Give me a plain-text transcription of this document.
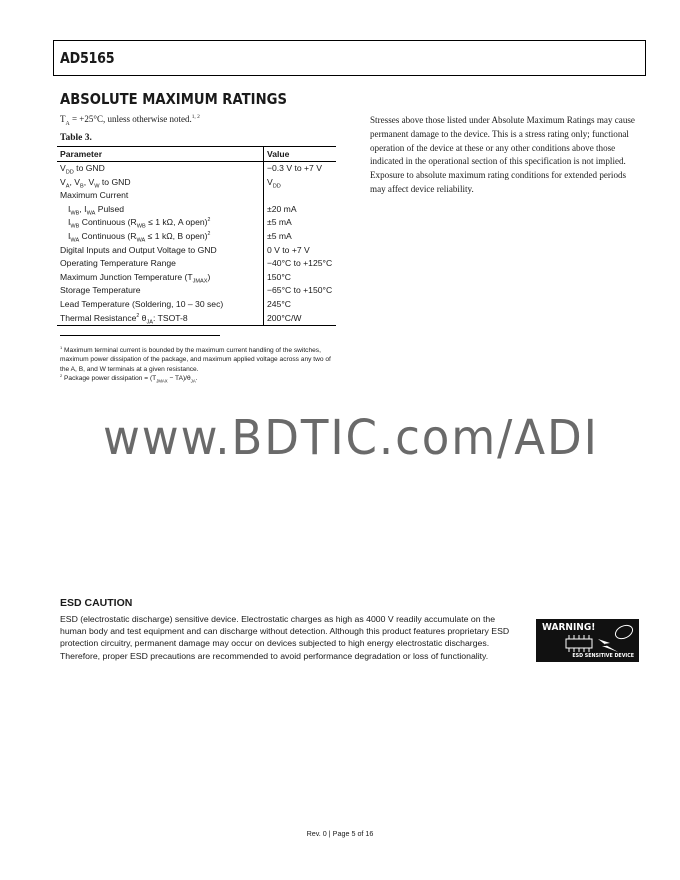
AD5165
ABSOLUTE MAXIMUM RATINGS
$T_A = +25^\circ C$, unless otherwise noted.$^{1, 2}$
Table 3.
Parameter	Value
$V_{DD}$ to GND	−0.3 V to +7 V
$V_A$, $V_B$, $V_W$ to GND	$V_{DD}$
Maximum Current	
$I_{WB}$, $I_{WA}$ Pulsed	±20 mA
$I_{WB}$ Continuous ($R_{WB} \le 1$ kΩ, A open)$^2$	±5 mA
$I_{WA}$ Continuous ($R_{WA} \le 1$ kΩ, B open)$^2$	±5 mA
Digital Inputs and Output Voltage to GND	0 V to +7 V
Operating Temperature Range	−40°C to +125°C
Maximum Junction Temperature $(T_{JMAX})$	150°C
Storage Temperature	−65°C to +150°C
Lead Temperature (Soldering, 10 – 30 sec)	245°C
Thermal Resistance$^2$ $\theta_{JA}$: TSOT-8	200°C/W

$^1$ Maximum terminal current is bounded by the maximum current handling of the switches, maximum power dissipation of the package, and maximum applied voltage across any two of the A, B, and W terminals at a given resistance.

$^2$ Package power dissipation = $(T_{JMAX} - TA)/\theta_{JA}$.

Stresses above those listed under Absolute Maximum Ratings may cause permanent damage to the device. This is a stress rating only; functional operation of the device at these or any other conditions above those indicated in the operational section of this specification is not implied. Exposure to absolute maximum rating conditions for extended periods may affect device reliability.
www.BDTIC.com/ADI
ESD CAUTION
ESD (electrostatic discharge) sensitive device. Electrostatic charges as high as 4000 V readily accumulate on the human body and test equipment and can discharge without detection. Although this product features proprietary ESD protection circuitry, permanent damage may occur on devices subjected to high energy electrostatic discharges. Therefore, proper ESD precautions are recommended to avoid performance degradation or loss of functionality.
WARNING!
ESD SENSITIVE DEVICE
Rev. 0 | Page 5 of 16
